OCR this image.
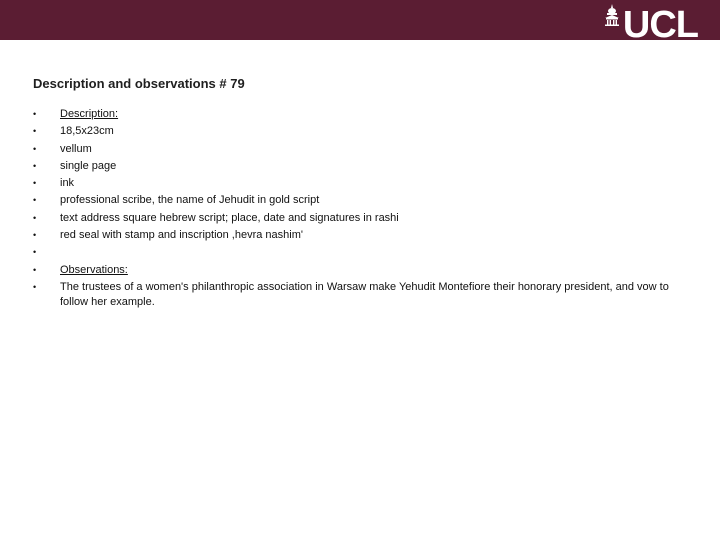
UCL
Description and observations # 79
•	Description:
•	18,5x23cm
•	vellum
•	single page
•	ink
•	professional scribe, the name of Jehudit in gold script
•	text address square hebrew script; place, date and signatures in rashi
•	red seal with stamp and inscription ,hevra nashim'
•
•	Observations:
•	The trustees of a women's philanthropic association in Warsaw make Yehudit Montefiore their honorary president, and vow to follow her example.
